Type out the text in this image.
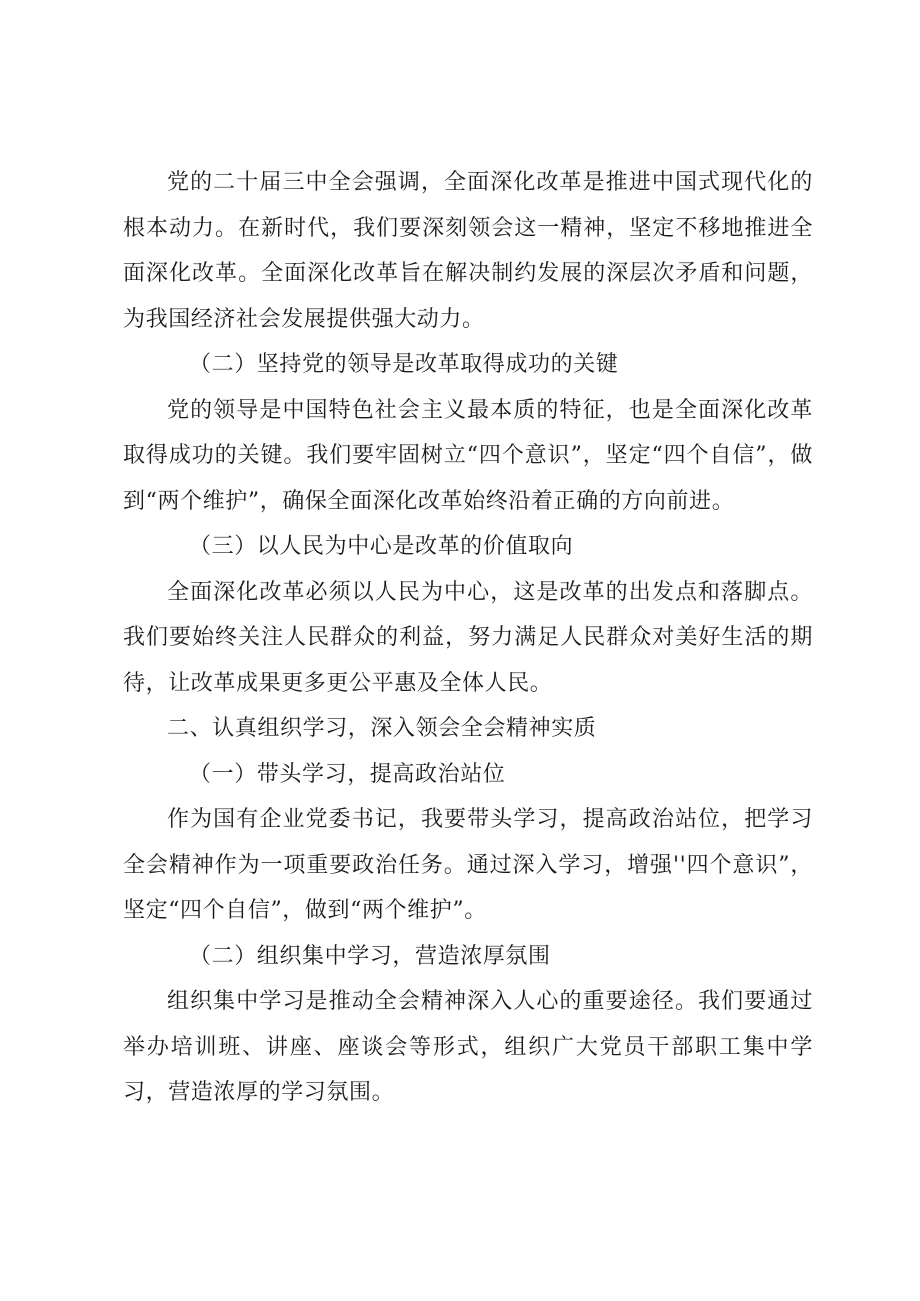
党的二十届三中全会强调，全面深化改革是推进中国式现代化的根本动力。在新时代，我们要深刻领会这一精神，坚定不移地推进全面深化改革。全面深化改革旨在解决制约发展的深层次矛盾和问题，为我国经济社会发展提供强大动力。

（二）坚持党的领导是改革取得成功的关键

党的领导是中国特色社会主义最本质的特征，也是全面深化改革取得成功的关键。我们要牢固树立“四个意识”，坚定“四个自信”，做到“两个维护”，确保全面深化改革始终沿着正确的方向前进。

（三）以人民为中心是改革的价值取向

全面深化改革必须以人民为中心，这是改革的出发点和落脚点。我们要始终关注人民群众的利益，努力满足人民群众对美好生活的期待，让改革成果更多更公平惠及全体人民。

二、认真组织学习，深入领会全会精神实质

（一）带头学习，提高政治站位

作为国有企业党委书记，我要带头学习，提高政治站位，把学习全会精神作为一项重要政治任务。通过深入学习，增强''四个意识”，坚定“四个自信”，做到“两个维护”。

（二）组织集中学习，营造浓厚氛围

组织集中学习是推动全会精神深入人心的重要途径。我们要通过举办培训班、讲座、座谈会等形式，组织广大党员干部职工集中学习，营造浓厚的学习氛围。
